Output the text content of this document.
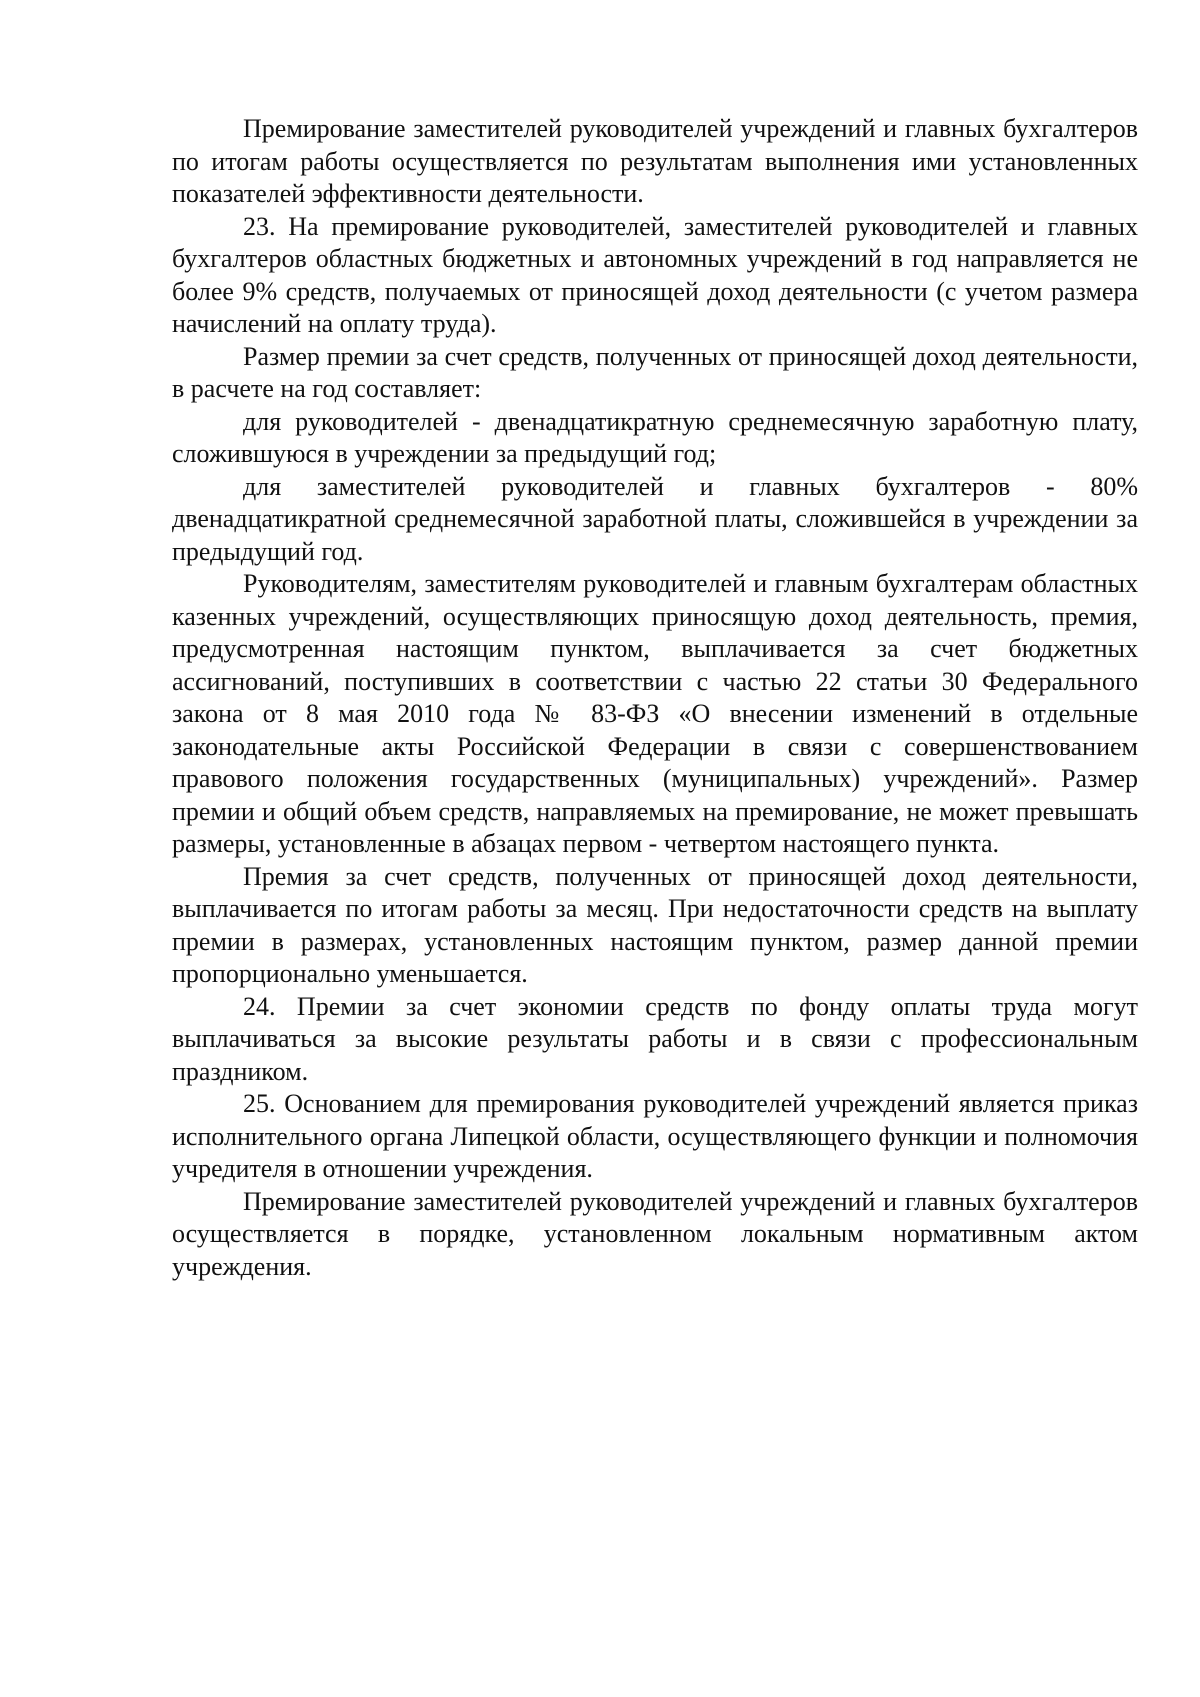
Премирование заместителей руководителей учреждений и главных бухгалтеров по итогам работы осуществляется по результатам выполнения ими установленных показателей эффективности деятельности.

23. На премирование руководителей, заместителей руководителей и главных бухгалтеров областных бюджетных и автономных учреждений в год направляется не более 9% средств, получаемых от приносящей доход деятельности (с учетом размера начислений на оплату труда).

Размер премии за счет средств, полученных от приносящей доход деятельности, в расчете на год составляет:

для руководителей - двенадцатикратную среднемесячную заработную плату, сложившуюся в учреждении за предыдущий год;

для заместителей руководителей и главных бухгалтеров - 80% двенадцатикратной среднемесячной заработной платы, сложившейся в учреждении за предыдущий год.

Руководителям, заместителям руководителей и главным бухгалтерам областных казенных учреждений, осуществляющих приносящую доход деятельность, премия, предусмотренная настоящим пунктом, выплачивается за счет бюджетных ассигнований, поступивших в соответствии с частью 22 статьи 30 Федерального закона от 8 мая 2010 года № 83-ФЗ «О внесении изменений в отдельные законодательные акты Российской Федерации в связи с совершенствованием правового положения государственных (муниципальных) учреждений». Размер премии и общий объем средств, направляемых на премирование, не может превышать размеры, установленные в абзацах первом - четвертом настоящего пункта.

Премия за счет средств, полученных от приносящей доход деятельности, выплачивается по итогам работы за месяц. При недостаточности средств на выплату премии в размерах, установленных настоящим пунктом, размер данной премии пропорционально уменьшается.

24. Премии за счет экономии средств по фонду оплаты труда могут выплачиваться за высокие результаты работы и в связи с профессиональным праздником.

25. Основанием для премирования руководителей учреждений является приказ исполнительного органа Липецкой области, осуществляющего функции и полномочия учредителя в отношении учреждения.

Премирование заместителей руководителей учреждений и главных бухгалтеров осуществляется в порядке, установленном локальным нормативным актом учреждения.
